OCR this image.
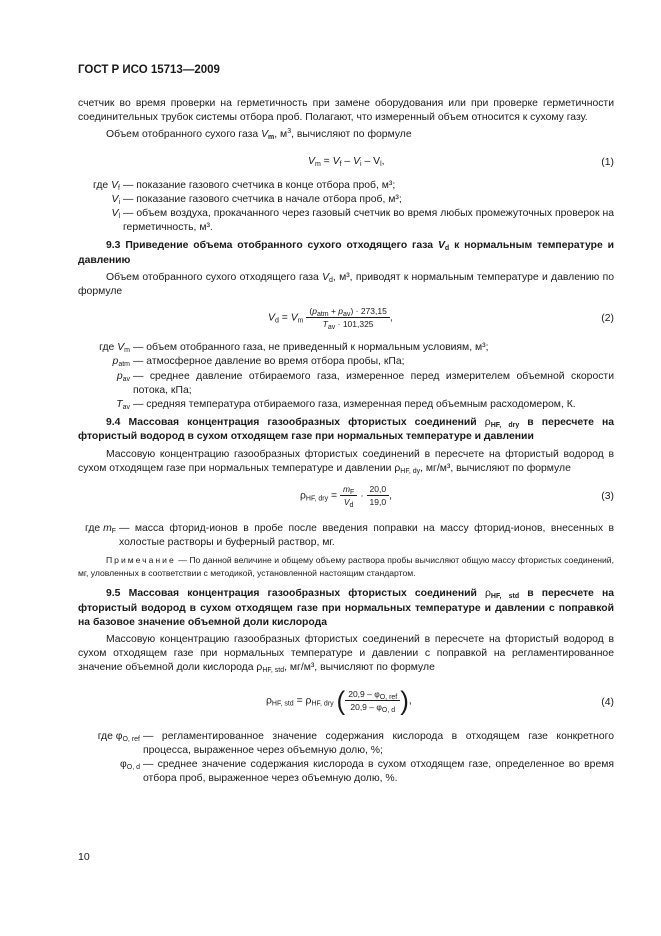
ГОСТ Р ИСО 15713—2009

счетчик во время проверки на герметичность при замене оборудования или при проверке герметичности соединительных трубок системы отбора проб. Полагают, что измеренный объем относится к сухому газу.

Объем отобранного сухого газа $V_m$, $м^3$, вычисляют по формуле

$V_m = V_f - V_i - V_l$,	(1)
где $V_f$ — показание газового счетчика в конце отбора проб, м³;
$V_i$ — показание газового счетчика в начале отбора проб, м³;
$V_l$ — объем воздуха, прокачанного через газовый счетчик во время любых промежуточных проверок на герметичность, м³.

9.3 Приведение объема отобранного сухого отходящего газа $V_d$ к нормальным температуре и давлению

Объем отобранного сухого отходящего газа $V_d$, м³, приводят к нормальным температуре и давлению по формуле

$V_d = V_m \frac{(p_{atm} + p_{av}) \cdot 273,15}{T_{av} \cdot 101,325}$ ,	(2)
где $V_m$ — объем отобранного газа, не приведенный к нормальным условиям, м³;
$p_{atm}$ — атмосферное давление во время отбора пробы, кПа;
$p_{av}$ — среднее давление отбираемого газа, измеренное перед измерителем объемной скорости потока, кПа;
$T_{av}$ — средняя температура отбираемого газа, измеренная перед объемным расходомером, К.

9.4 Массовая концентрация газообразных фтористых соединений $\rho_{HF, dry}$ в пересчете на фтористый водород в сухом отходящем газе при нормальных температуре и давлении

Массовую концентрацию газообразных фтористых соединений в пересчете на фтористый водород в сухом отходящем газе при нормальных температуре и давлении $\rho_{HF, dy}$, мг/м³, вычисляют по формуле

$\rho_{HF, dry} = \frac{m_F}{V_d} \cdot \frac{20,0}{19,0}$ ,	(3)
где $m_F$ — масса фторид-ионов в пробе после введения поправки на массу фторид-ионов, внесенных в холостые растворы и буферный раствор, мг.

Примечание — По данной величине и общему объему раствора пробы вычисляют общую массу фтористых соединений, мг, уловленных в соответствии с методикой, установленной настоящим стандартом.

9.5 Массовая концентрация газообразных фтористых соединений $\rho_{HF, std}$ в пересчете на фтористый водород в сухом отходящем газе при нормальных температуре и давлении с поправкой на базовое значение объемной доли кислорода

Массовую концентрацию газообразных фтористых соединений в пересчете на фтористый водород в сухом отходящем газе при нормальных температуре и давлении с поправкой на регламентированное значение объемной доли кислорода $\rho_{HF, std}$, мг/м³, вычисляют по формуле

$\rho_{HF, std} = \rho_{HF, dry}$ ( $\frac{20,9 - \varphi_{O, ref}}{20,9 - \varphi_{O, d}}$ ),	(4)
где $\varphi_{O, ref}$ — регламентированное значение содержания кислорода в отходящем газе конкретного процесса, выраженное через объемную долю, %;
$\varphi_{O, d}$ — среднее значение содержания кислорода в сухом отходящем газе, определенное во время отбора проб, выраженное через объемную долю, %.
10
